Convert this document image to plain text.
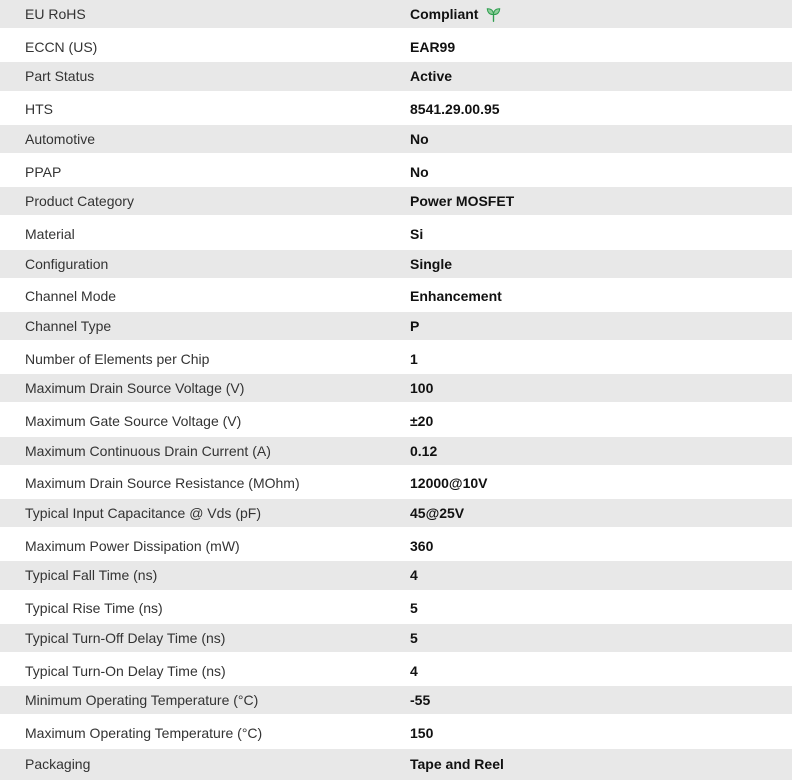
EU RoHS	Compliant
ECCN (US)	EAR99
Part Status	Active
HTS	8541.29.00.95
Automotive	No
PPAP	No
Product Category	Power MOSFET
Material	Si
Configuration	Single
Channel Mode	Enhancement
Channel Type	P
Number of Elements per Chip	1
Maximum Drain Source Voltage (V)	100
Maximum Gate Source Voltage (V)	±20
Maximum Continuous Drain Current (A)	0.12
Maximum Drain Source Resistance (MOhm)	12000@10V
Typical Input Capacitance @ Vds (pF)	45@25V
Maximum Power Dissipation (mW)	360
Typical Fall Time (ns)	4
Typical Rise Time (ns)	5
Typical Turn-Off Delay Time (ns)	5
Typical Turn-On Delay Time (ns)	4
Minimum Operating Temperature (°C)	-55
Maximum Operating Temperature (°C)	150
Packaging	Tape and Reel
